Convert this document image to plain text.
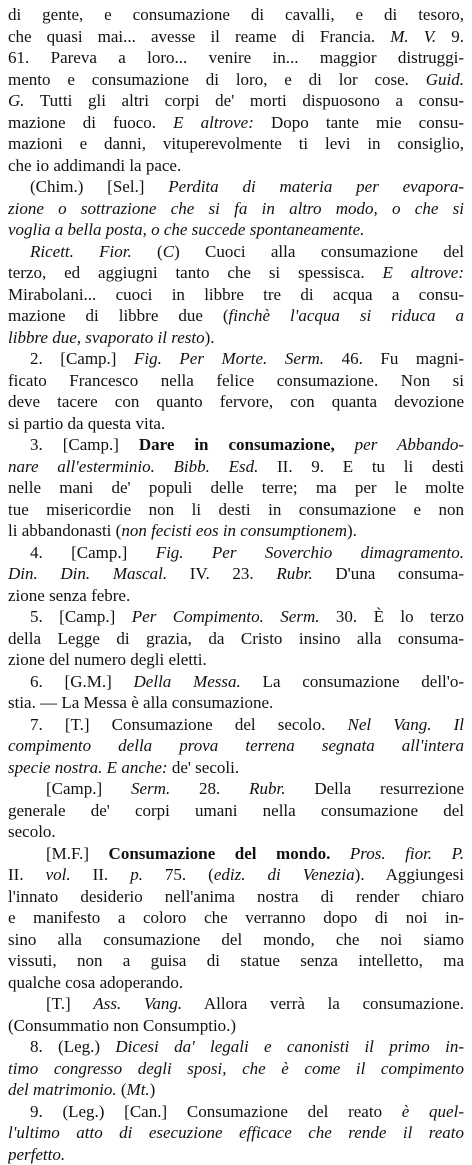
di gente, e consumazione di cavalli, e di tesoro,
che quasi mai... avesse il reame di Francia. M. V. 9.
61. Pareva a loro... venire in... maggior distruggi-
mento e consumazione di loro, e di lor cose. Guid.
G. Tutti gli altri corpi de' morti dispuosono a consu-
mazione di fuoco. E altrove: Dopo tante mie consu-
mazioni e danni, vituperevolmente ti levi in consiglio,
che io addimandi la pace.
(Chim.) [Sel.] Perdita di materia per evapora-
zione o sottrazione che si fa in altro modo, o che si
voglia a bella posta, o che succede spontaneamente.
Ricett. Fior. (C) Cuoci alla consumazione del
terzo, ed aggiugni tanto che si spessisca. E altrove:
Mirabolani... cuoci in libbre tre di acqua a consu-
mazione di libbre due (finchè l'acqua si riduca a
libbre due, svaporato il resto).
2. [Camp.] Fig. Per Morte. Serm. 46. Fu magni-
ficato Francesco nella felice consumazione. Non si
deve tacere con quanto fervore, con quanta devozione
si partio da questa vita.
3. [Camp.] Dare in consumazione, per Abbando-
nare all'esterminio. Bibb. Esd. II. 9. E tu li desti
nelle mani de' populi delle terre; ma per le molte
tue misericordie non li desti in consumazione e non
li abbandonasti (non fecisti eos in consumptionem).
4. [Camp.] Fig. Per Soverchio dimagramento.
Din. Din. Mascal. IV. 23. Rubr. D'una consuma-
zione senza febre.
5. [Camp.] Per Compimento. Serm. 30. È lo terzo
della Legge di grazia, da Cristo insino alla consuma-
zione del numero degli eletti.
6. [G.M.] Della Messa. La consumazione dell'o-
stia. — La Messa è alla consumazione.
7. [T.] Consumazione del secolo. Nel Vang. Il
compimento della prova terrena segnata all'intera
specie nostra. E anche: de' secoli.
[Camp.] Serm. 28. Rubr. Della resurrezione
generale de' corpi umani nella consumazione del
secolo.
[M.F.] Consumazione del mondo. Pros. fior. P.
II. vol. II. p. 75. (ediz. di Venezia). Aggiungesi
l'innato desiderio nell'anima nostra di render chiaro
e manifesto a coloro che verranno dopo di noi in-
sino alla consumazione del mondo, che noi siamo
vissuti, non a guisa di statue senza intelletto, ma
qualche cosa adoperando.
[T.] Ass. Vang. Allora verrà la consumazione.
(Consummatio non Consumptio.)
8. (Leg.) Dicesi da' legali e canonisti il primo in-
timo congresso degli sposi, che è come il compimento
del matrimonio. (Mt.)
9. (Leg.) [Can.] Consumazione del reato è quel-
l'ultimo atto di esecuzione efficace che rende il reato
perfetto.
